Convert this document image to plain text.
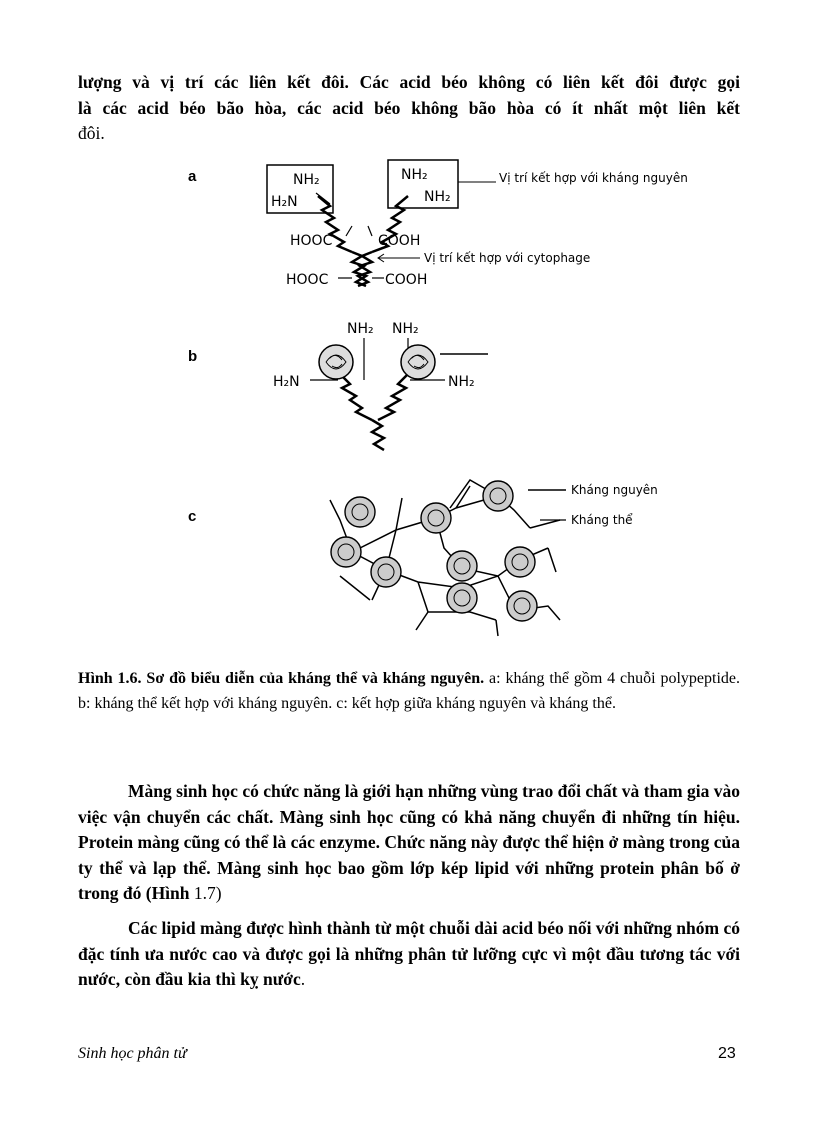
lượng và vị trí các liên kết đôi. Các acid béo không có liên kết đôi được gọi
là các acid béo bão hòa, các acid béo không bão hòa có ít nhất một liên kết
đôi.
a
b
c
NH₂
H₂N
NH₂
NH₂
HOOC	COOH
HOOC	COOH
Vị trí kết hợp với kháng nguyên
Vị trí kết hợp với cytophage
NH₂ NH₂
H₂N	NH₂
Kháng nguyên
Kháng thể
Hình 1.6. Sơ đồ biểu diễn của kháng thể và kháng nguyên. a: kháng thể gồm 4 chuỗi polypeptide. b: kháng thể kết hợp với kháng nguyên. c: kết hợp giữa kháng nguyên và kháng thể.
Màng sinh học có chức năng là giới hạn những vùng trao đổi chất và tham gia vào việc vận chuyển các chất. Màng sinh học cũng có khả năng chuyển đi những tín hiệu. Protein màng cũng có thể là các enzyme. Chức năng này được thể hiện ở màng trong của ty thể và lạp thể. Màng sinh học bao gồm lớp kép lipid với những protein phân bố ở trong đó (Hình 1.7)
Các lipid màng được hình thành từ một chuỗi dài acid béo nối với những nhóm có đặc tính ưa nước cao và được gọi là những phân tử lưỡng cực vì một đầu tương tác với nước, còn đầu kia thì kỵ nước.
Sinh học phân tử	23
